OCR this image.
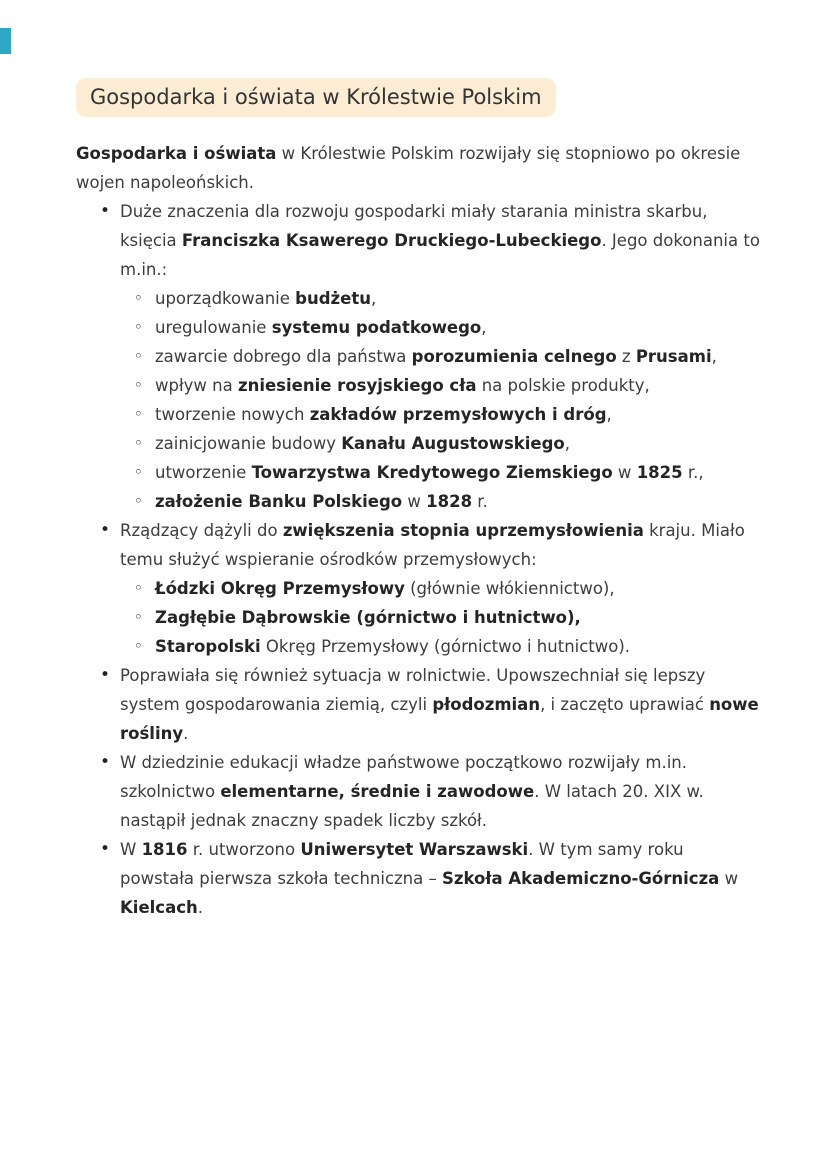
Gospodarka i oświata w Królestwie Polskim

Gospodarka i oświata w Królestwie Polskim rozwijały się stopniowo po okresie wojen napoleońskich.

• Duże znaczenia dla rozwoju gospodarki miały starania ministra skarbu, księcia Franciszka Ksawerego Druckiego-Lubeckiego. Jego dokonania to m.in.:
◦ uporządkowanie budżetu,
◦ uregulowanie systemu podatkowego,
◦ zawarcie dobrego dla państwa porozumienia celnego z Prusami,
◦ wpływ na zniesienie rosyjskiego cła na polskie produkty,
◦ tworzenie nowych zakładów przemysłowych i dróg,
◦ zainicjowanie budowy Kanału Augustowskiego,
◦ utworzenie Towarzystwa Kredytowego Ziemskiego w 1825 r.,
◦ założenie Banku Polskiego w 1828 r.
• Rządzący dążyli do zwiększenia stopnia uprzemysłowienia kraju. Miało temu służyć wspieranie ośrodków przemysłowych:
◦ Łódzki Okręg Przemysłowy (głównie włókiennictwo),
◦ Zagłębie Dąbrowskie (górnictwo i hutnictwo),
◦ Staropolski Okręg Przemysłowy (górnictwo i hutnictwo).
• Poprawiała się również sytuacja w rolnictwie. Upowszechniał się lepszy system gospodarowania ziemią, czyli płodozmian, i zaczęto uprawiać nowe rośliny.
• W dziedzinie edukacji władze państwowe początkowo rozwijały m.in. szkolnictwo elementarne, średnie i zawodowe. W latach 20. XIX w. nastąpił jednak znaczny spadek liczby szkół.
• W 1816 r. utworzono Uniwersytet Warszawski. W tym samy roku powstała pierwsza szkoła techniczna – Szkoła Akademiczno-Górnicza w Kielcach.
